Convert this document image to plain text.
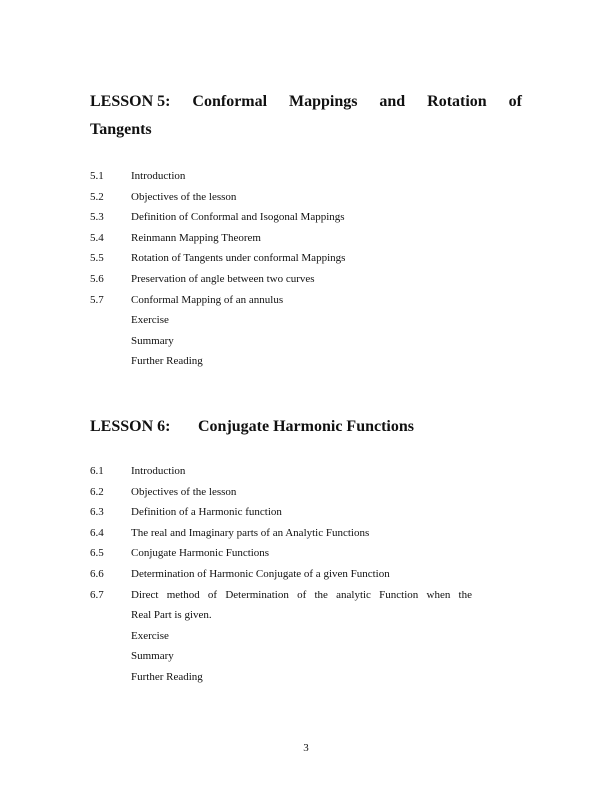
LESSON 5: Conformal Mappings and Rotation of
Tangents
5.1	Introduction
5.2	Objectives of the lesson
5.3	Definition of Conformal and Isogonal Mappings
5.4	Reinmann Mapping Theorem
5.5	Rotation of Tangents under conformal Mappings
5.6	Preservation of angle between two curves
5.7	Conformal Mapping of an annulus
Exercise
Summary
Further Reading
LESSON 6:	Conjugate Harmonic Functions
6.1	Introduction
6.2	Objectives of the lesson
6.3	Definition of a Harmonic function
6.4	The real and Imaginary parts of an Analytic Functions
6.5	Conjugate Harmonic Functions
6.6	Determination of Harmonic Conjugate of a given Function
6.7	Direct method of Determination of the analytic Function when the
Real Part is given.
Exercise
Summary
Further Reading
3
